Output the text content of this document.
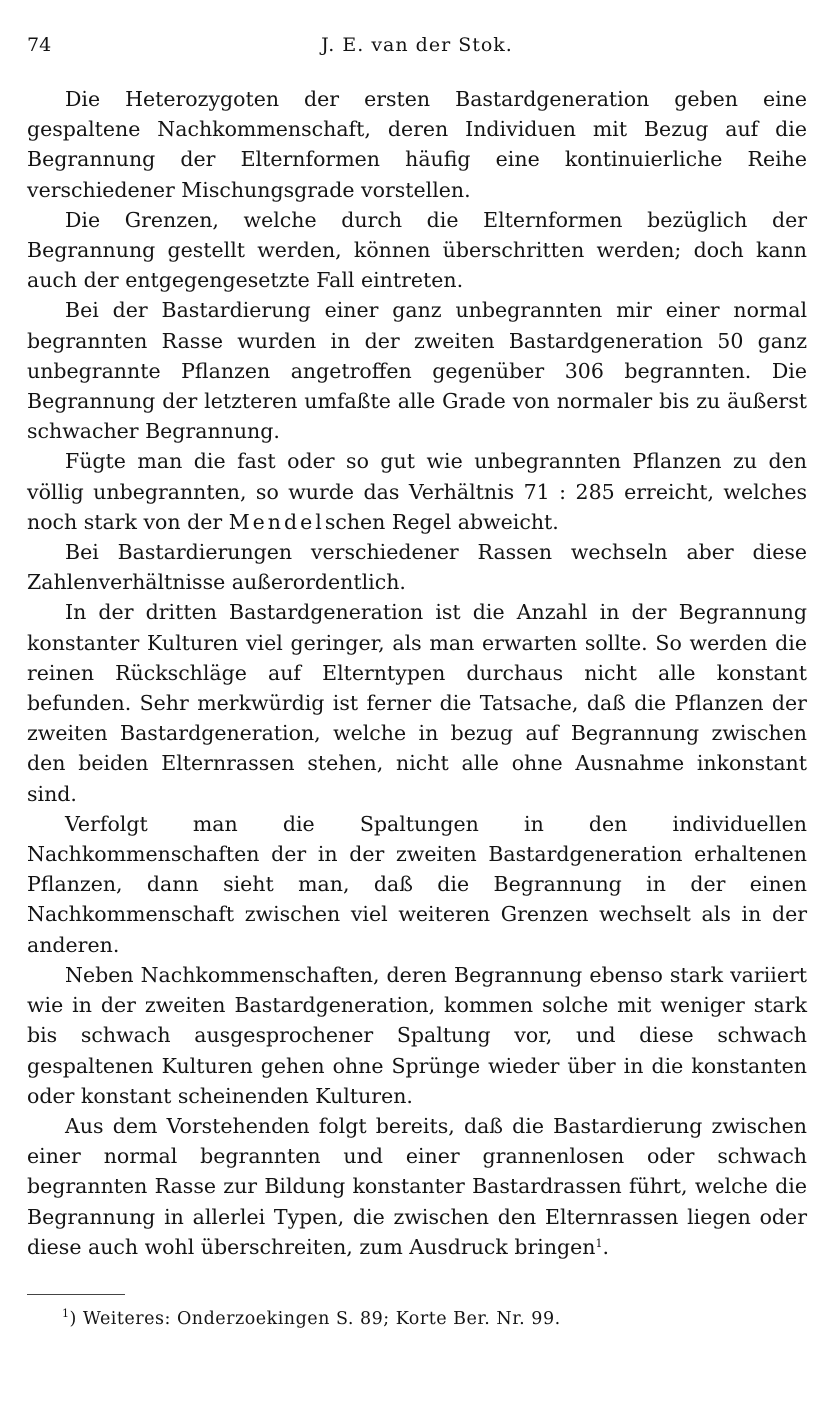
74	J. E. van der Stok.

Die Heterozygoten der ersten Bastardgeneration geben eine gespaltene Nachkommenschaft, deren Individuen mit Bezug auf die Begrannung der Elternformen häufig eine kontinuierliche Reihe verschiedener Mischungsgrade vorstellen.

Die Grenzen, welche durch die Elternformen bezüglich der Begrannung gestellt werden, können überschritten werden; doch kann auch der entgegengesetzte Fall eintreten.

Bei der Bastardierung einer ganz unbegrannten mir einer normal begrannten Rasse wurden in der zweiten Bastardgeneration 50 ganz unbegrannte Pflanzen angetroffen gegenüber 306 begrannten. Die Begrannung der letzteren umfaßte alle Grade von normaler bis zu äußerst schwacher Begrannung.

Fügte man die fast oder so gut wie unbegrannten Pflanzen zu den völlig unbegrannten, so wurde das Verhältnis 71 : 285 erreicht, welches noch stark von der Mendelschen Regel abweicht.

Bei Bastardierungen verschiedener Rassen wechseln aber diese Zahlenverhältnisse außerordentlich.

In der dritten Bastardgeneration ist die Anzahl in der Begrannung konstanter Kulturen viel geringer, als man erwarten sollte. So werden die reinen Rückschläge auf Elterntypen durchaus nicht alle konstant befunden. Sehr merkwürdig ist ferner die Tatsache, daß die Pflanzen der zweiten Bastardgeneration, welche in bezug auf Begrannung zwischen den beiden Elternrassen stehen, nicht alle ohne Ausnahme inkonstant sind.

Verfolgt man die Spaltungen in den individuellen Nachkommenschaften der in der zweiten Bastardgeneration erhaltenen Pflanzen, dann sieht man, daß die Begrannung in der einen Nachkommenschaft zwischen viel weiteren Grenzen wechselt als in der anderen.

Neben Nachkommenschaften, deren Begrannung ebenso stark variiert wie in der zweiten Bastardgeneration, kommen solche mit weniger stark bis schwach ausgesprochener Spaltung vor, und diese schwach gespaltenen Kulturen gehen ohne Sprünge wieder über in die konstanten oder konstant scheinenden Kulturen.

Aus dem Vorstehenden folgt bereits, daß die Bastardierung zwischen einer normal begrannten und einer grannenlosen oder schwach begrannten Rasse zur Bildung konstanter Bastardrassen führt, welche die Begrannung in allerlei Typen, die zwischen den Elternrassen liegen oder diese auch wohl überschreiten, zum Ausdruck bringen$^1$.

$^1$) Weiteres: Onderzoekingen S. 89; Korte Ber. Nr. 99.
